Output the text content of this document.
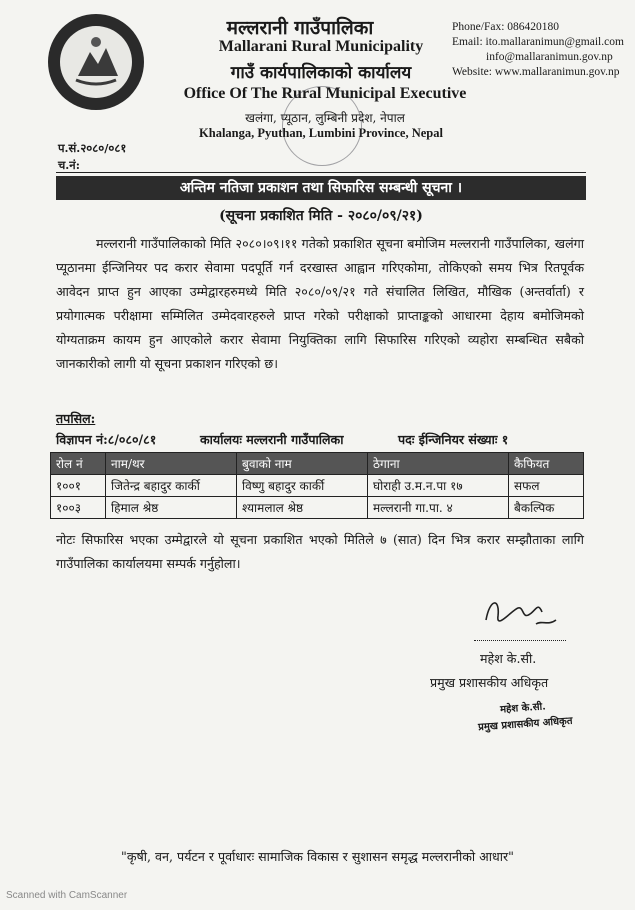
मल्लरानी गाउँपालिका
Mallarani Rural Municipality
गाउँ कार्यपालिकाको कार्यालय
Office Of The Rural Municipal Executive
खलंगा, प्यूठान, लुम्बिनी प्रदेश, नेपाल
Khalanga, Pyuthan, Lumbini Province, Nepal
Phone/Fax: 086420180
Email: ito.mallaranimun@gmail.com
info@mallaranimun.gov.np
Website: www.mallaranimun.gov.np
प.सं.२०८०/०८१
च.नं:
अन्तिम नतिजा प्रकाशन तथा सिफारिस सम्बन्धी सूचना ।
(सूचना प्रकाशित मिति - २०८०/०९/२१)
मल्लरानी गाउँपालिकाको मिति २०८०।०९।११ गतेको प्रकाशित सूचना बमोजिम मल्लरानी गाउँपालिका, खलंगा प्यूठानमा ईन्जिनियर पद करार सेवामा पदपूर्ति गर्न दरखास्त आह्वान गरिएकोमा, तोकिएको समय भित्र रितपूर्वक आवेदन प्राप्त हुन आएका उम्मेद्वारहरुमध्ये मिति २०८०/०९/२१ गते संचालित लिखित, मौखिक (अन्तर्वार्ता) र प्रयोगात्मक परीक्षामा सम्मिलित उम्मेदवारहरुले प्राप्त गरेको परीक्षाको प्राप्ताङ्कको आधारमा देहाय बमोजिमको योग्यताक्रम कायम हुन आएकोले करार सेवामा नियुक्तिका लागि सिफारिस गरिएको व्यहोरा सम्बन्धित सबैको जानकारीको लागी यो सूचना प्रकाशन गरिएको छ।
तपसिल:
विज्ञापन नं:८/०८०/८१	कार्यालयः मल्लरानी गाउँपालिका	पदः ईन्जिनियर संख्याः १
रोल नं	नाम/थर	बुवाको नाम	ठेगाना	कैफियत
१००१	जितेन्द्र बहादुर कार्की	विष्णु बहादुर कार्की	घोराही उ.म.न.पा १७	सफल
१००३	हिमाल श्रेष्ठ	श्यामलाल श्रेष्ठ	मल्लरानी गा.पा. ४	बैकल्पिक
नोटः सिफारिस भएका उम्मेद्वारले यो सूचना प्रकाशित भएको मितिले ७ (सात) दिन भित्र करार सम्झौताका लागि गाउँपालिका कार्यालयमा सम्पर्क गर्नुहोला।
महेश के.सी.
प्रमुख प्रशासकीय अधिकृत
महेश के.सी.
प्रमुख प्रशासकीय अधिकृत
"कृषी, वन, पर्यटन र पूर्वाधारः सामाजिक विकास र सुशासन समृद्ध मल्लरानीको आधार"
Scanned with CamScanner
